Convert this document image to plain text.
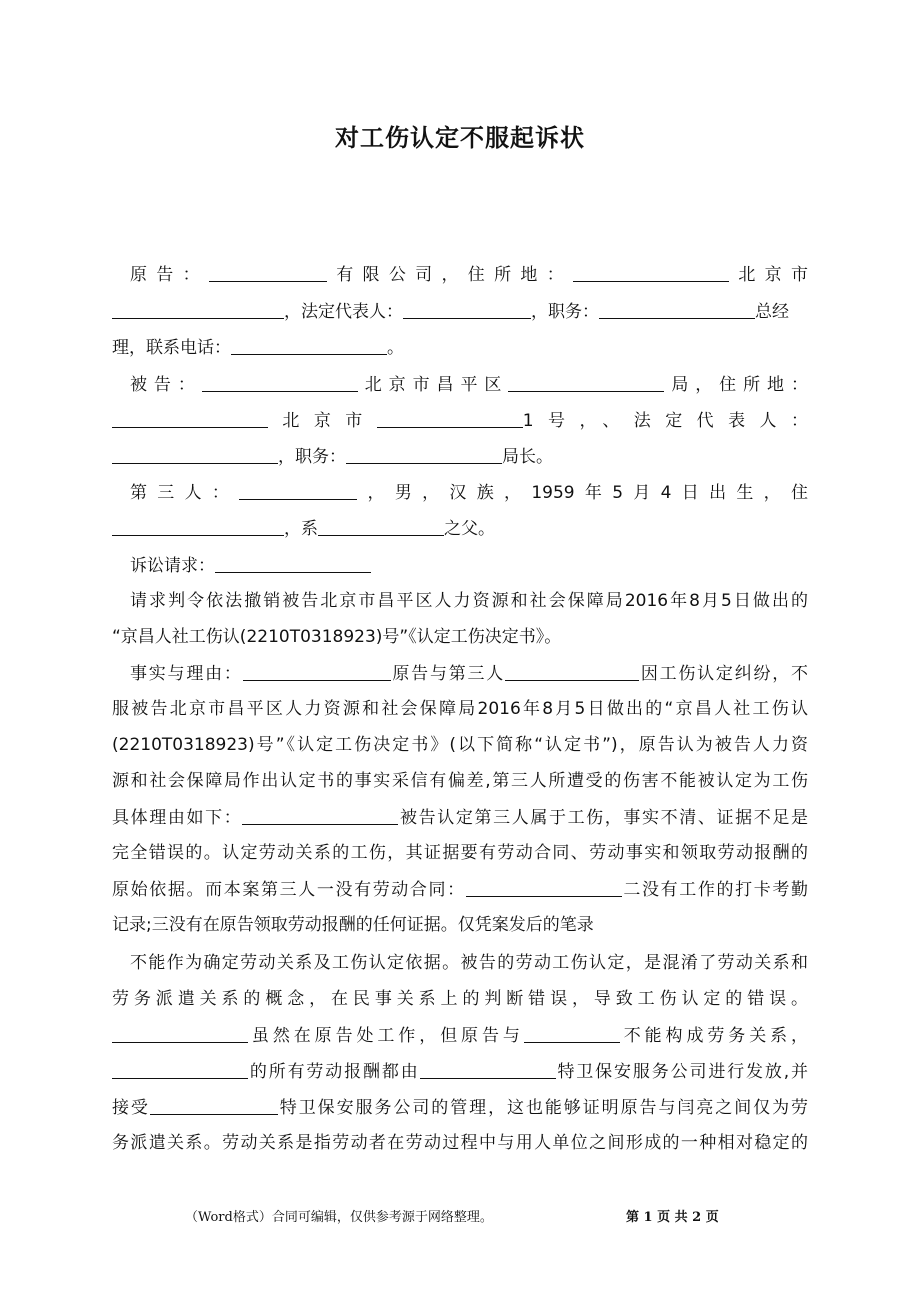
对工伤认定不服起诉状
原告：	有限公司，住所地：	北京市
，法定代表人：	，职务：	总经
理，联系电话：	。
被告：	北京市昌平区	局，住所地：
北京市	1号，、法定代表人：
，职务：	局长。
第三人：	，男，汉族，1959年5月4日出生，住
，系	之父。
诉讼请求：
请求判令依法撤销被告北京市昌平区人力资源和社会保障局2016年8月5日做出的
“京昌人社工伤认(2210T0318923)号”《认定工伤决定书》。
事实与理由：	原告与第三人	因工伤认定纠纷，不
服被告北京市昌平区人力资源和社会保障局2016年8月5日做出的“京昌人社工伤认
(2210T0318923)号”《认定工伤决定书》(以下简称“认定书”)，原告认为被告人力资
源和社会保障局作出认定书的事实采信有偏差,第三人所遭受的伤害不能被认定为工伤
具体理由如下：	被告认定第三人属于工伤，事实不清、证据不足是
完全错误的。认定劳动关系的工伤，其证据要有劳动合同、劳动事实和领取劳动报酬的
原始依据。而本案第三人一没有劳动合同：	二没有工作的打卡考勤
记录;三没有在原告领取劳动报酬的任何证据。仅凭案发后的笔录
不能作为确定劳动关系及工伤认定依据。被告的劳动工伤认定，是混淆了劳动关系和
劳务派遣关系的概念，在民事关系上的判断错误，导致工伤认定的错误。
虽然在原告处工作，但原告与	不能构成劳务关系，
的所有劳动报酬都由	特卫保安服务公司进行发放,并
接受	特卫保安服务公司的管理，这也能够证明原告与闫亮之间仅为劳
务派遣关系。劳动关系是指劳动者在劳动过程中与用人单位之间形成的一种相对稳定的
（Word格式）合同可编辑，仅供参考源于网络整理。	第 1 页 共 2 页
